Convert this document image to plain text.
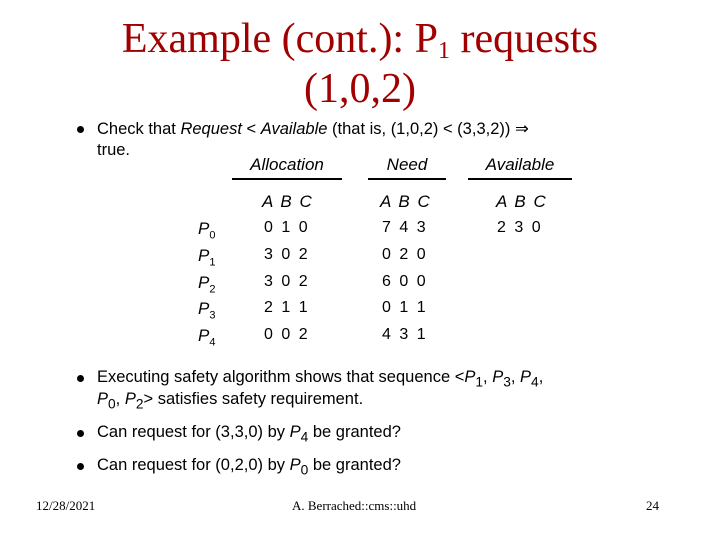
Example (cont.): $P_1$ requests
(1,0,2)
Check that Request < Available (that is, (1,0,2) < (3,3,2)) ⇒
true.
Allocation	Need	Available
A B C	A B C	A B C
$P_0$	0 1 0	7 4 3	2 3 0
$P_1$	3 0 2	0 2 0
$P_2$	3 0 2	6 0 0
$P_3$	2 1 1	0 1 1
$P_4$	0 0 2	4 3 1
Executing safety algorithm shows that sequence $<P_1$, $P_3$, $P_4$,
$P_0$, $P_2>$ satisfies safety requirement.
Can request for (3,3,0) by $P_4$ be granted?
Can request for (0,2,0) by $P_0$ be granted?
12/28/2021	A. Berrached::cms::uhd	24
